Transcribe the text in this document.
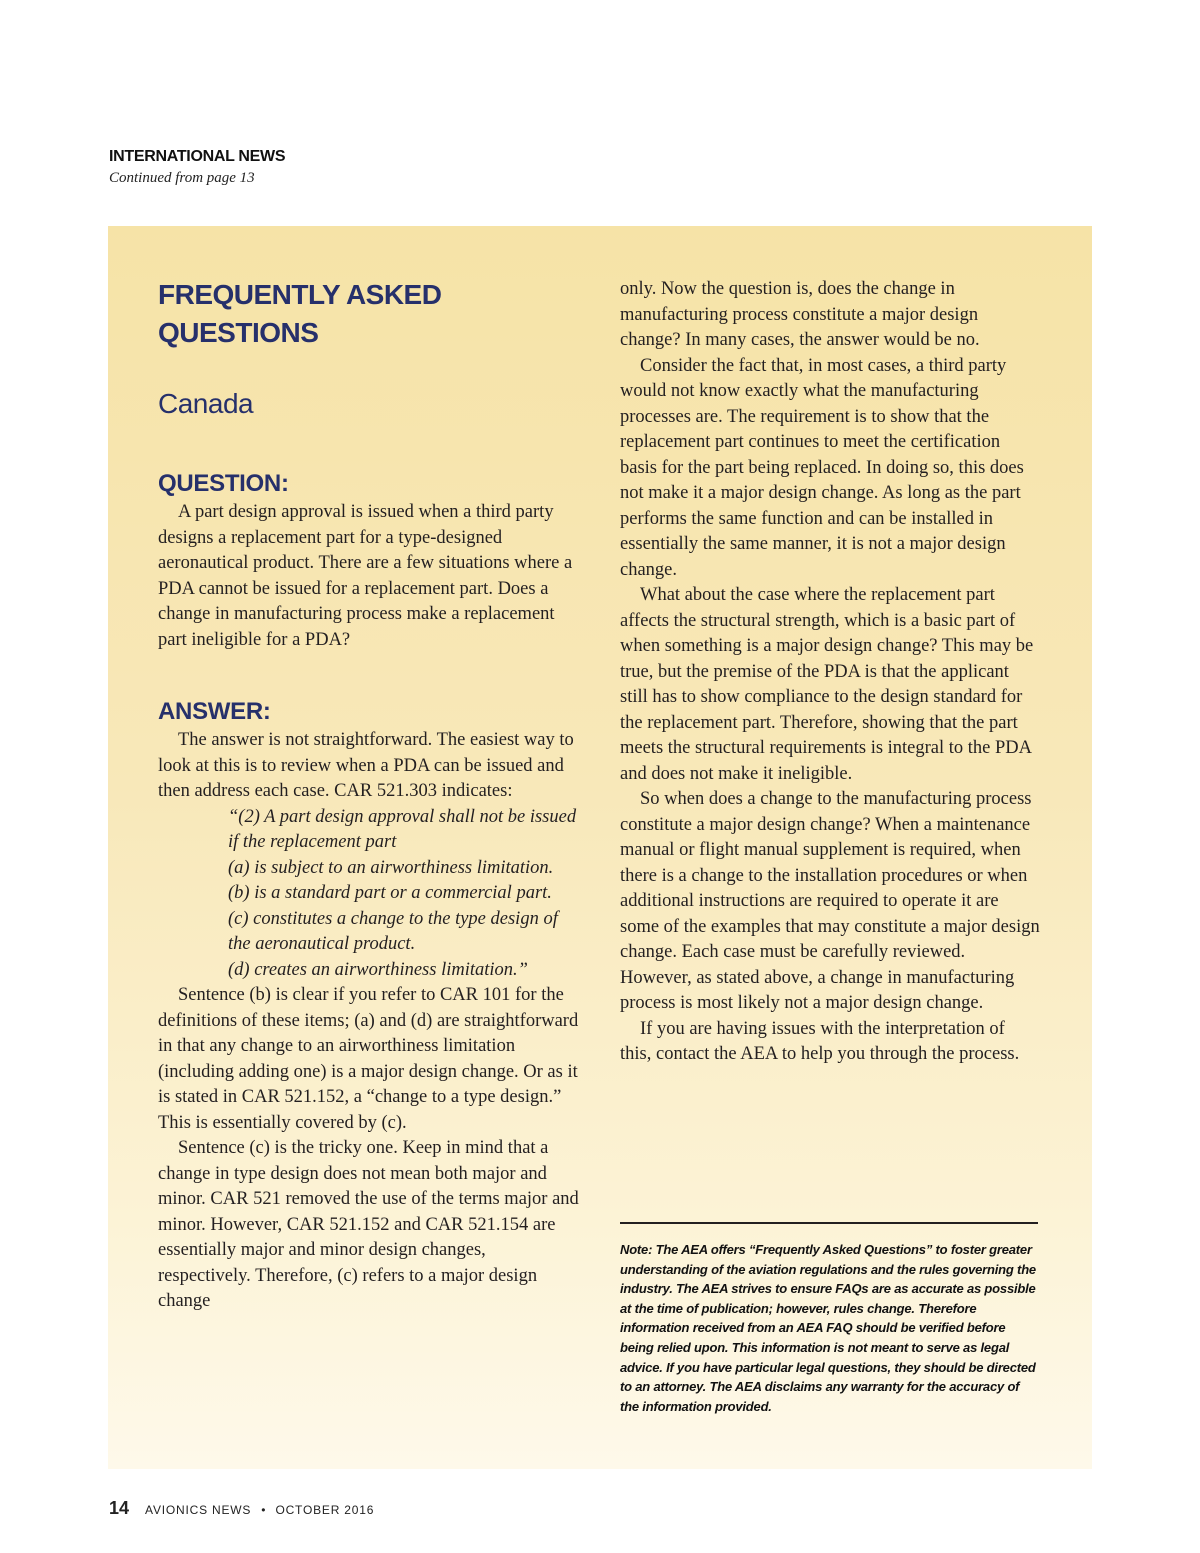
INTERNATIONAL NEWS
Continued from page 13
FREQUENTLY ASKED
QUESTIONS
Canada
QUESTION:

A part design approval is issued when a third party designs a replacement part for a type-designed aeronautical product. There are a few situations where a PDA cannot be issued for a replacement part. Does a change in manufacturing process make a replacement part ineligible for a PDA?

ANSWER:

The answer is not straightforward. The easiest way to look at this is to review when a PDA can be issued and then address each case. CAR 521.303 indicates:

“(2) A part design approval shall not be issued if the replacement part
(a) is subject to an airworthiness limitation.
(b) is a standard part or a commercial part.
(c) constitutes a change to the type design of the aeronautical product.
(d) creates an airworthiness limitation.”

Sentence (b) is clear if you refer to CAR 101 for the definitions of these items; (a) and (d) are straightforward in that any change to an airworthiness limitation (including adding one) is a major design change. Or as it is stated in CAR 521.152, a “change to a type design.” This is essentially covered by (c).

Sentence (c) is the tricky one. Keep in mind that a change in type design does not mean both major and minor. CAR 521 removed the use of the terms major and minor. However, CAR 521.152 and CAR 521.154 are essentially major and minor design changes, respectively. Therefore, (c) refers to a major design change

only. Now the question is, does the change in manufacturing process constitute a major design change? In many cases, the answer would be no.

Consider the fact that, in most cases, a third party would not know exactly what the manufacturing processes are. The requirement is to show that the replacement part continues to meet the certification basis for the part being replaced. In doing so, this does not make it a major design change. As long as the part performs the same function and can be installed in essentially the same manner, it is not a major design change.

What about the case where the replacement part affects the structural strength, which is a basic part of when something is a major design change? This may be true, but the premise of the PDA is that the applicant still has to show compliance to the design standard for the replacement part. Therefore, showing that the part meets the structural requirements is integral to the PDA and does not make it ineligible.

So when does a change to the manufacturing process constitute a major design change? When a maintenance manual or flight manual supplement is required, when there is a change to the installation procedures or when additional instructions are required to operate it are some of the examples that may constitute a major design change. Each case must be carefully reviewed. However, as stated above, a change in manufacturing process is most likely not a major design change.

If you are having issues with the interpretation of this, contact the AEA to help you through the process.

Note: The AEA offers “Frequently Asked Questions” to foster greater understanding of the aviation regulations and the rules governing the industry. The AEA strives to ensure FAQs are as accurate as possible at the time of publication; however, rules change. Therefore information received from an AEA FAQ should be verified before being relied upon. This information is not meant to serve as legal advice. If you have particular legal questions, they should be directed to an attorney. The AEA disclaims any warranty for the accuracy of the information provided.
14 AVIONICS NEWS • OCTOBER 2016
